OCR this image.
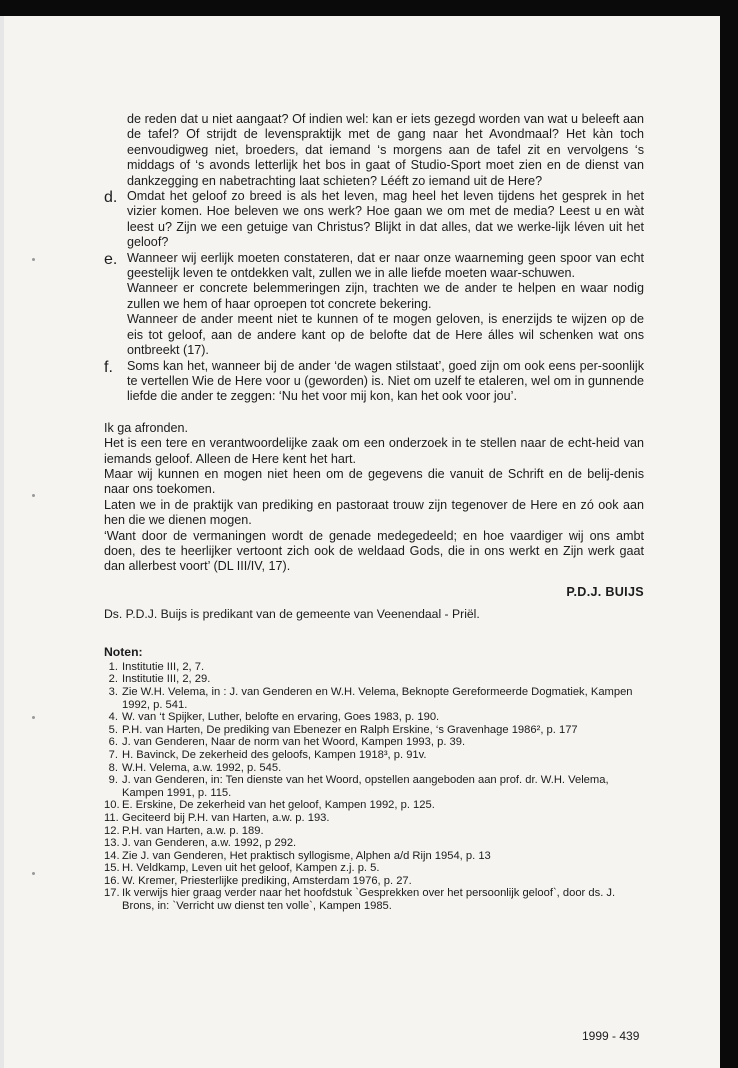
de reden dat u niet aangaat? Of indien wel: kan er iets gezegd worden van wat u beleeft aan de tafel? Of strijdt de levenspraktijk met de gang naar het Avondmaal? Het kàn toch eenvoudigweg niet, broeders, dat iemand ‘s morgens aan de tafel zit en vervolgens ‘s middags of ‘s avonds letterlijk het bos in gaat of Studio-Sport moet zien en de dienst van dankzegging en nabetrachting laat schieten? Lééft zo iemand uit de Here?

d. Omdat het geloof zo breed is als het leven, mag heel het leven tijdens het gesprek in het vizier komen. Hoe beleven we ons werk? Hoe gaan we om met de media? Leest u en wàt leest u? Zijn we een getuige van Christus? Blijkt in dat alles, dat we werke-lijk léven uit het geloof?

e. Wanneer wij eerlijk moeten constateren, dat er naar onze waarneming geen spoor van echt geestelijk leven te ontdekken valt, zullen we in alle liefde moeten waar-schuwen.

Wanneer er concrete belemmeringen zijn, trachten we de ander te helpen en waar nodig zullen we hem of haar oproepen tot concrete bekering.

Wanneer de ander meent niet te kunnen of te mogen geloven, is enerzijds te wijzen op de eis tot geloof, aan de andere kant op de belofte dat de Here álles wil schenken wat ons ontbreekt (17).

f. Soms kan het, wanneer bij de ander ‘de wagen stilstaat’, goed zijn om ook eens per-soonlijk te vertellen Wie de Here voor u (geworden) is. Niet om uzelf te etaleren, wel om in gunnende liefde die ander te zeggen: ‘Nu het voor mij kon, kan het ook voor jou’.

Ik ga afronden.

Het is een tere en verantwoordelijke zaak om een onderzoek in te stellen naar de echt-heid van iemands geloof. Alleen de Here kent het hart.

Maar wij kunnen en mogen niet heen om de gegevens die vanuit de Schrift en de belij-denis naar ons toekomen.

Laten we in de praktijk van prediking en pastoraat trouw zijn tegenover de Here en zó ook aan hen die we dienen mogen.

‘Want door de vermaningen wordt de genade medegedeeld; en hoe vaardiger wij ons ambt doen, des te heerlijker vertoont zich ook de weldaad Gods, die in ons werkt en Zijn werk gaat dan allerbest voort’ (DL III/IV, 17).

P.D.J. BUIJS

Ds. P.D.J. Buijs is predikant van de gemeente van Veenendaal - Priël.

Noten:

1. Institutie III, 2, 7.
2. Institutie III, 2, 29.
3. Zie W.H. Velema, in : J. van Genderen en W.H. Velema, Beknopte Gereformeerde Dogmatiek, Kampen 1992, p. 541.
4. W. van ‘t Spijker, Luther, belofte en ervaring, Goes 1983, p. 190.
5. P.H. van Harten, De prediking van Ebenezer en Ralph Erskine, ‘s Gravenhage 1986², p. 177
6. J. van Genderen, Naar de norm van het Woord, Kampen 1993, p. 39.
7. H. Bavinck, De zekerheid des geloofs, Kampen 1918³, p. 91v.
8. W.H. Velema, a.w. 1992, p. 545.
9. J. van Genderen, in: Ten dienste van het Woord, opstellen aangeboden aan prof. dr. W.H. Velema, Kampen 1991, p. 115.
10. E. Erskine, De zekerheid van het geloof, Kampen 1992, p. 125.
11. Geciteerd bij P.H. van Harten, a.w. p. 193.
12. P.H. van Harten, a.w. p. 189.
13. J. van Genderen, a.w. 1992, p 292.
14. Zie J. van Genderen, Het praktisch syllogisme, Alphen a/d Rijn 1954, p. 13
15. H. Veldkamp, Leven uit het geloof, Kampen z.j. p. 5.
16. W. Kremer, Priesterlijke prediking, Amsterdam 1976, p. 27.
17. Ik verwijs hier graag verder naar het hoofdstuk `Gesprekken over het persoonlijk geloof`, door ds. J. Brons, in: `Verricht uw dienst ten volle`, Kampen 1985.
1999 - 439
